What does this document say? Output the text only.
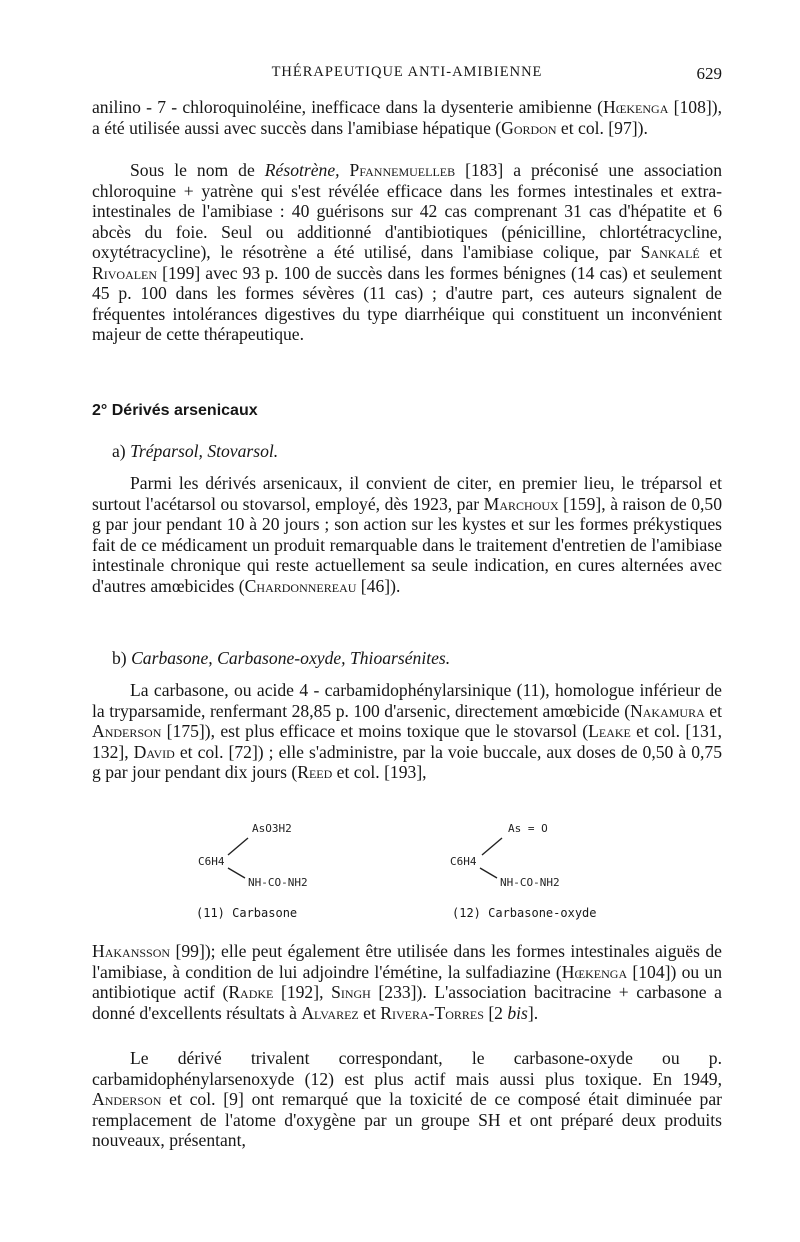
THÉRAPEUTIQUE ANTI-AMIBIENNE	629

anilino - 7 - chloroquinoléine, inefficace dans la dysenterie amibienne (Hœkenga [108]), a été utilisée aussi avec succès dans l'amibiase hépatique (Gordon et col. [97]).

Sous le nom de Résotrène, Pfannemuelleb [183] a préconisé une association chloroquine + yatrène qui s'est révélée efficace dans les formes intestinales et extra-intestinales de l'amibiase : 40 guérisons sur 42 cas comprenant 31 cas d'hépatite et 6 abcès du foie. Seul ou additionné d'antibiotiques (pénicilline, chlortétracycline, oxytétracycline), le résotrène a été utilisé, dans l'amibiase colique, par Sankalé et Rivoalen [199] avec 93 p. 100 de succès dans les formes bénignes (14 cas) et seulement 45 p. 100 dans les formes sévères (11 cas) ; d'autre part, ces auteurs signalent de fréquentes intolérances digestives du type diarrhéique qui constituent un inconvénient majeur de cette thérapeutique.

2° Dérivés arsenicaux

a) Tréparsol, Stovarsol.

Parmi les dérivés arsenicaux, il convient de citer, en premier lieu, le tréparsol et surtout l'acétarsol ou stovarsol, employé, dès 1923, par Marchoux [159], à raison de 0,50 g par jour pendant 10 à 20 jours ; son action sur les kystes et sur les formes prékystiques fait de ce médicament un produit remarquable dans le traitement d'entretien de l'amibiase intestinale chronique qui reste actuellement sa seule indication, en cures alternées avec d'autres amœbicides (Chardonnereau [46]).

b) Carbasone, Carbasone-oxyde, Thioarsénites.

La carbasone, ou acide 4 - carbamidophénylarsinique (11), homologue inférieur de la tryparsamide, renfermant 28,85 p. 100 d'arsenic, directement amœbicide (Nakamura et Anderson [175]), est plus efficace et moins toxique que le stovarsol (Leake et col. [131, 132], David et col. [72]) ; elle s'administre, par la voie buccale, aux doses de 0,50 à 0,75 g par jour pendant dix jours (Reed et col. [193],

AsO3H2
C6H4
NH-CO-NH2
As = O
C6H4
NH-CO-NH2
(11) Carbasone	(12) Carbasone-oxyde

Hakansson [99]); elle peut également être utilisée dans les formes intestinales aiguës de l'amibiase, à condition de lui adjoindre l'émétine, la sulfadiazine (Hœkenga [104]) ou un antibiotique actif (Radke [192], Singh [233]). L'association bacitracine + carbasone a donné d'excellents résultats à Alvarez et Rivera-Torres [2 bis].

Le dérivé trivalent correspondant, le carbasone-oxyde ou p. carbamidophénylarsenoxyde (12) est plus actif mais aussi plus toxique. En 1949, Anderson et col. [9] ont remarqué que la toxicité de ce composé était diminuée par remplacement de l'atome d'oxygène par un groupe SH et ont préparé deux produits nouveaux, présentant,
